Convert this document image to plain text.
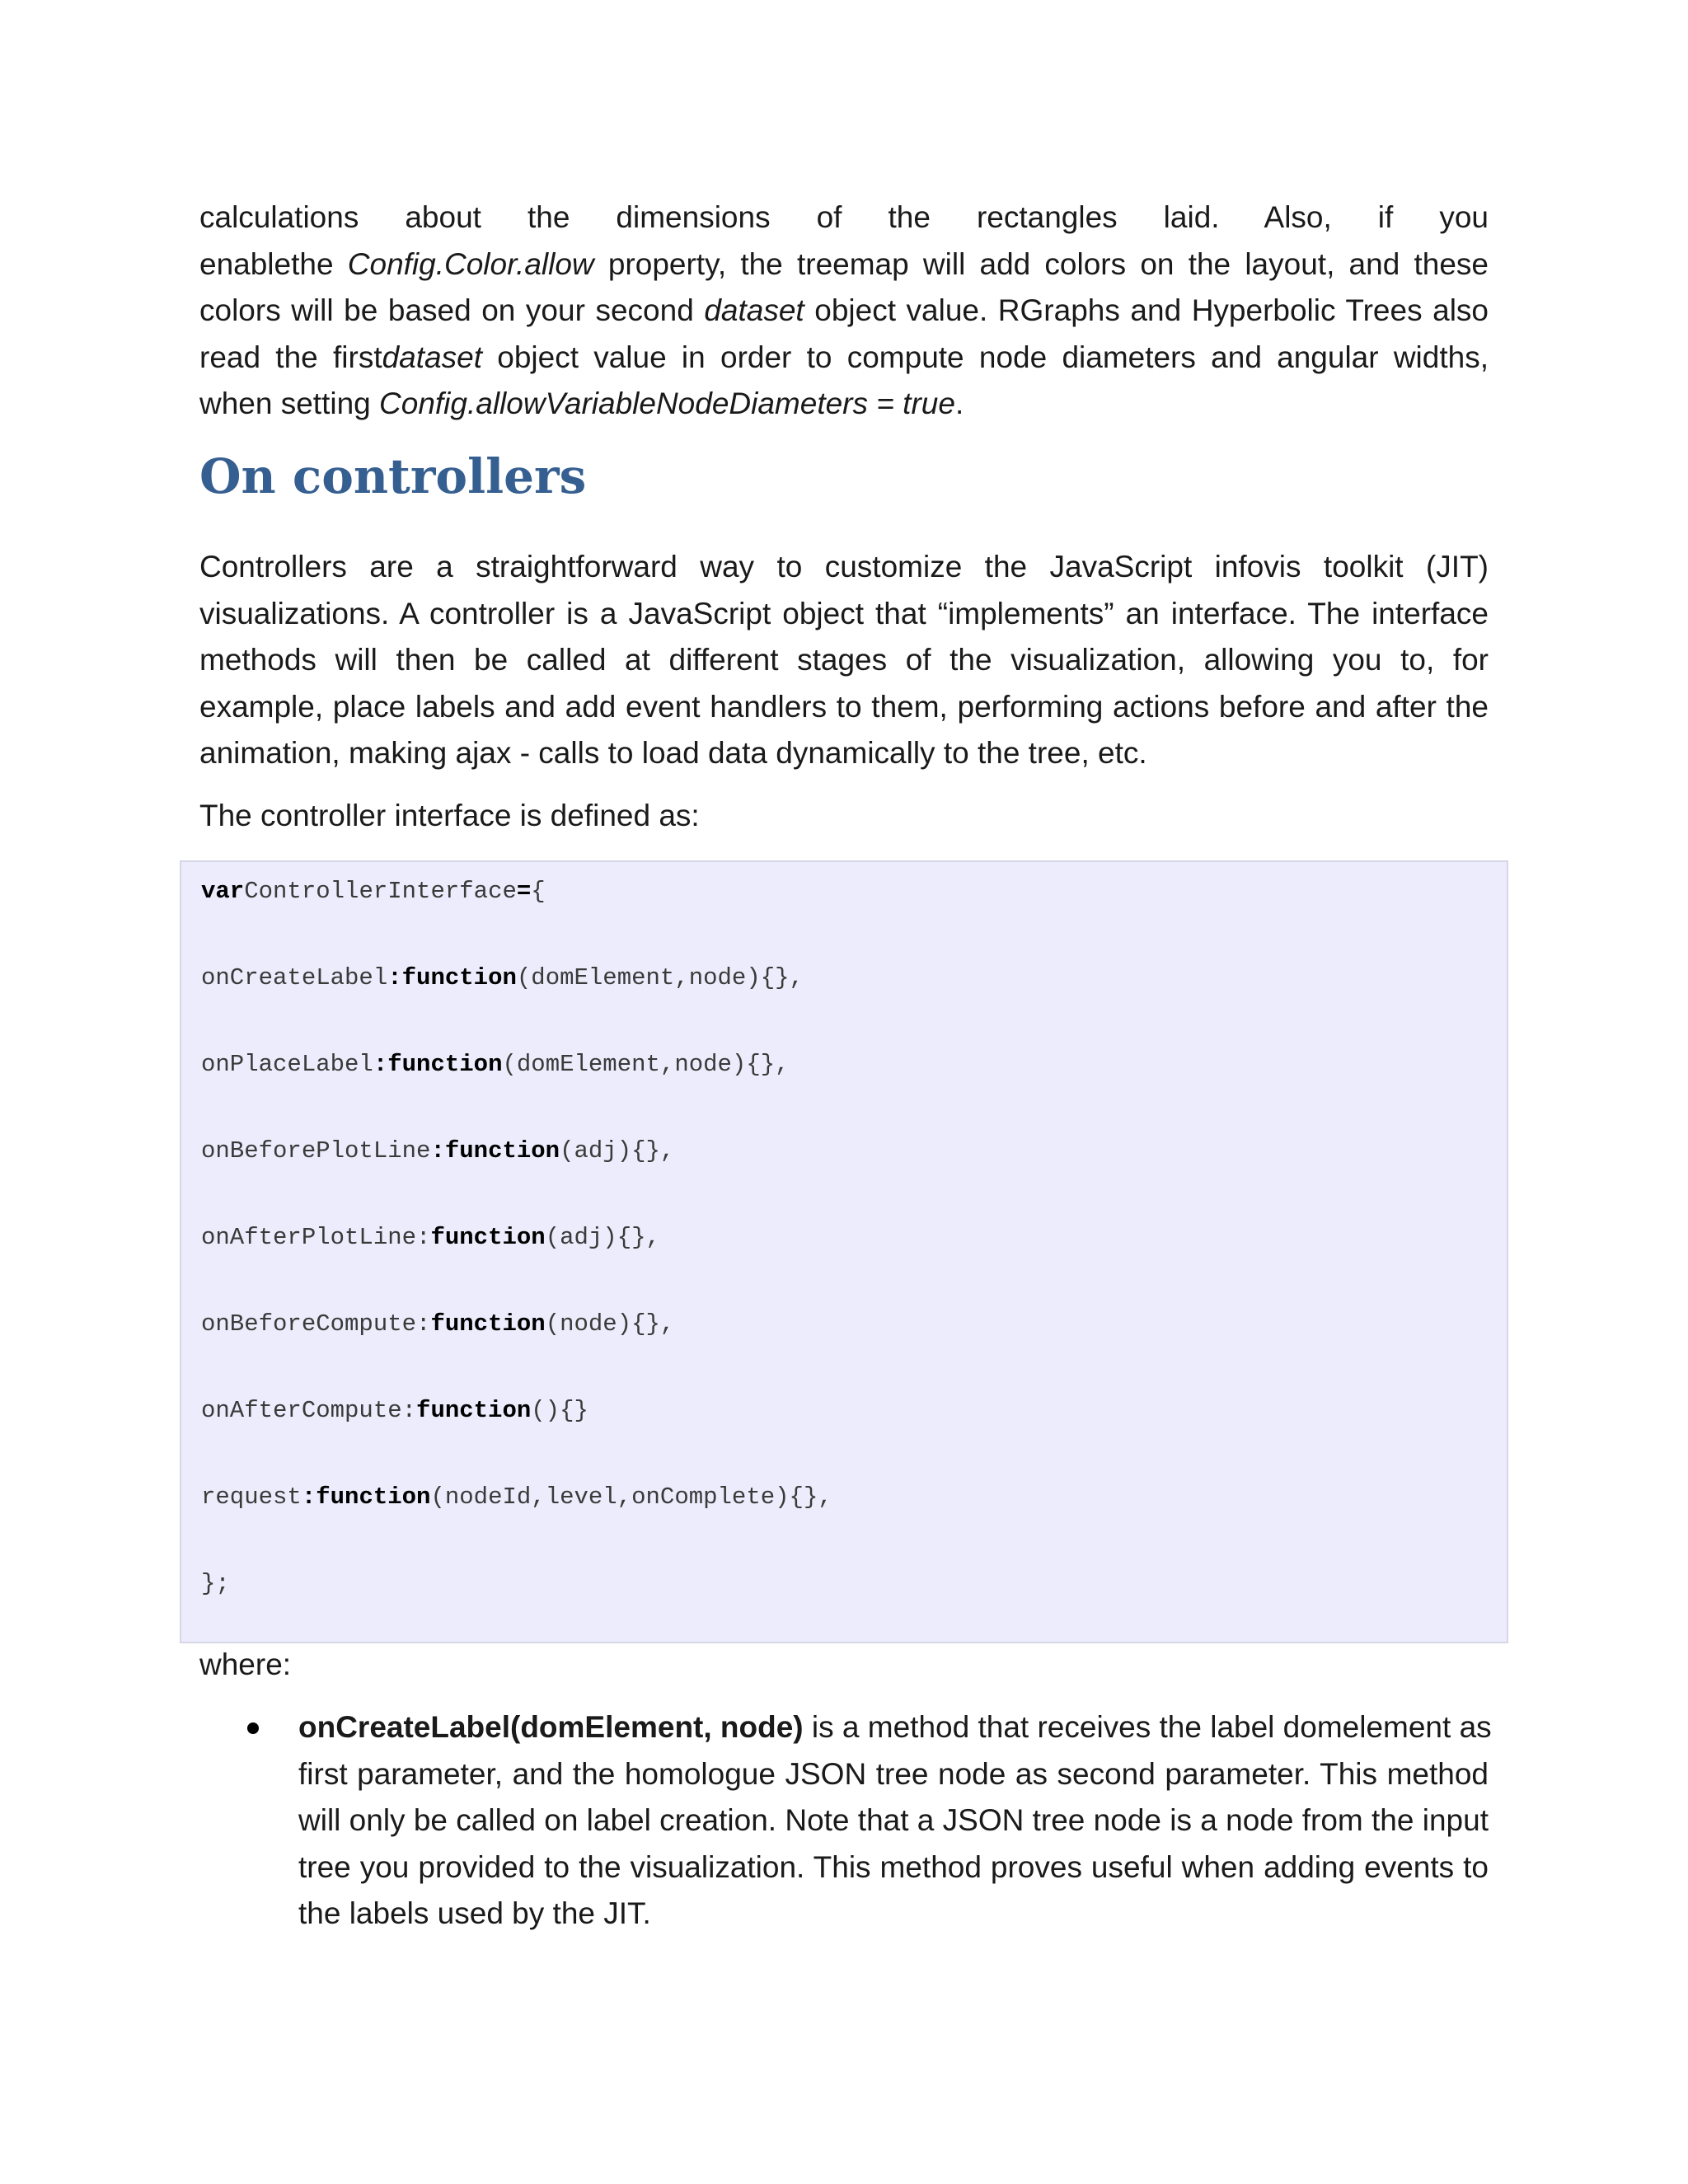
calculations about the dimensions of the rectangles laid. Also, if you
enablethe Config.Color.allow property, the treemap will add colors on the layout, and these
colors will be based on your second dataset object value. RGraphs and Hyperbolic Trees also
read the firstdataset object value in order to compute node diameters and angular widths,
when setting Config.allowVariableNodeDiameters = true.

On controllers

Controllers are a straightforward way to customize the JavaScript infovis toolkit (JIT)
visualizations. A controller is a JavaScript object that “implements” an interface. The interface
methods will then be called at different stages of the visualization, allowing you to, for
example, place labels and add event handlers to them, performing actions before and after the
animation, making ajax - calls to load data dynamically to the tree, etc.

The controller interface is defined as:

varControllerInterface={
onCreateLabel:function(domElement,node){},
onPlaceLabel:function(domElement,node){},
onBeforePlotLine:function(adj){},
onAfterPlotLine:function(adj){},
onBeforeCompute:function(node){},
onAfterCompute:function(){}
request:function(nodeId,level,onComplete){},
};

where:

onCreateLabel(domElement, node) is a method that receives the label domelement as
first parameter, and the homologue JSON tree node as second parameter. This method
will only be called on label creation. Note that a JSON tree node is a node from the input
tree you provided to the visualization. This method proves useful when adding events to
the labels used by the JIT.
